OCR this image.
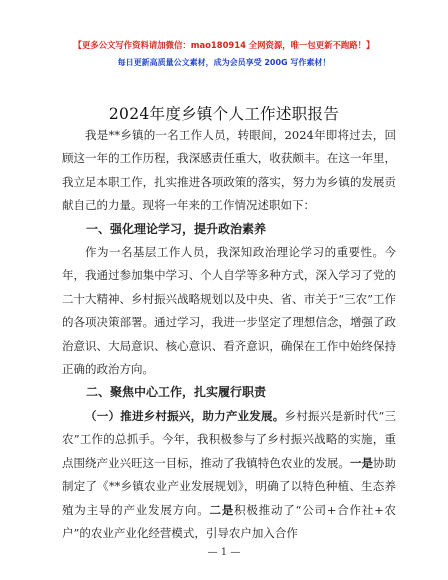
【更多公文写作资料请加微信：mao180914 全网资源，唯一包更新不跑路！】
每日更新高质量公文素材，成为会员享受 200G 写作素材！
2024年度乡镇个人工作述职报告

我是**乡镇的一名工作人员，转眼间，2024年即将过去，回顾这一年的工作历程，我深感责任重大，收获颇丰。在这一年里，我立足本职工作，扎实推进各项政策的落实，努力为乡镇的发展贡献自己的力量。现将一年来的工作情况述职如下：

一、强化理论学习，提升政治素养

作为一名基层工作人员，我深知政治理论学习的重要性。今年，我通过参加集中学习、个人自学等多种方式，深入学习了党的二十大精神、乡村振兴战略规划以及中央、省、市关于“三农”工作的各项决策部署。通过学习，我进一步坚定了理想信念，增强了政治意识、大局意识、核心意识、看齐意识，确保在工作中始终保持正确的政治方向。

二、聚焦中心工作，扎实履行职责

（一）推进乡村振兴，助力产业发展。乡村振兴是新时代“三农”工作的总抓手。今年，我积极参与了乡村振兴战略的实施，重点围绕产业兴旺这一目标，推动了我镇特色农业的发展。一是协助制定了《**乡镇农业产业发展规划》，明确了以特色种植、生态养殖为主导的产业发展方向。二是积极推动了“公司+合作社+农户”的农业产业化经营模式，引导农户加入合作

— 1 —
